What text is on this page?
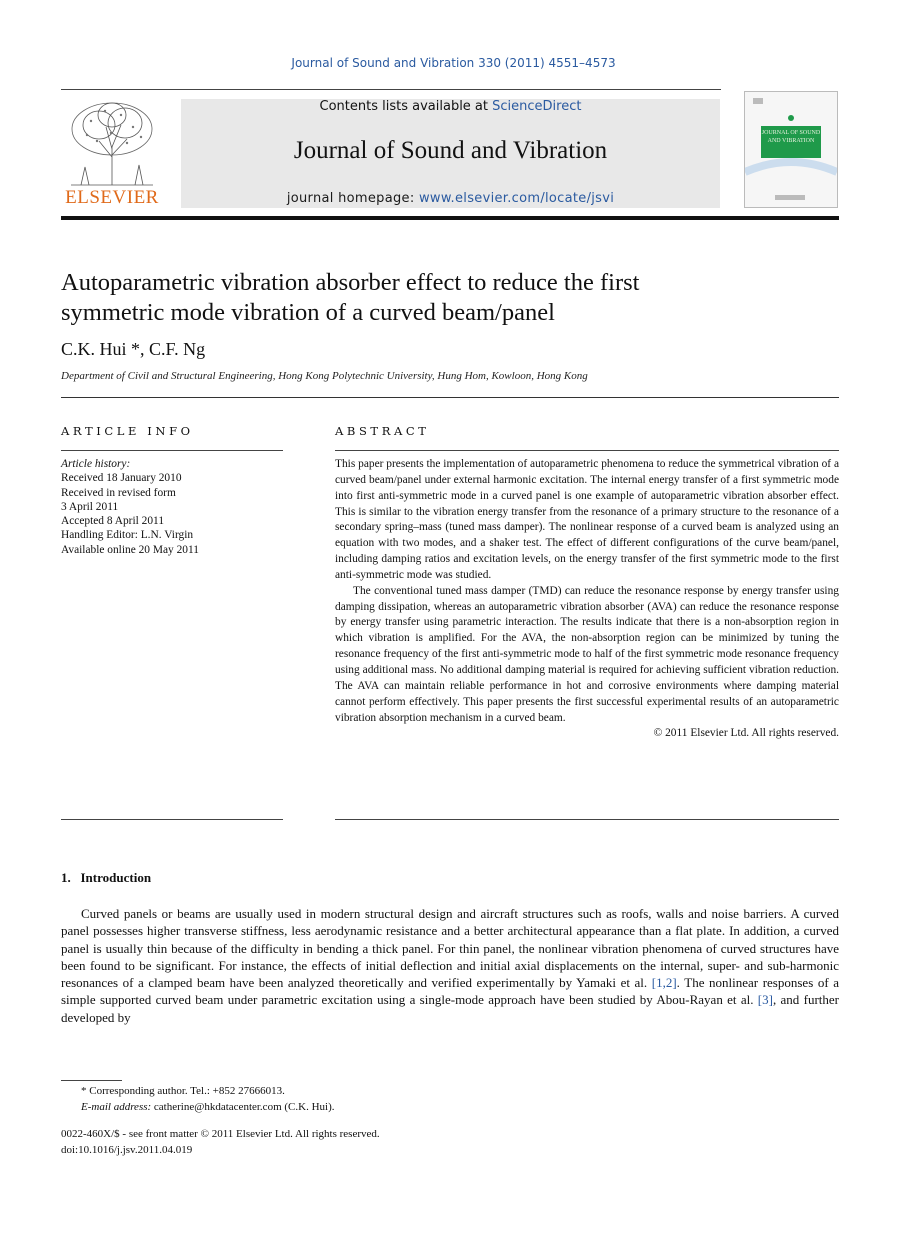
Journal of Sound and Vibration 330 (2011) 4551–4573
ELSEVIER
Contents lists available at ScienceDirect
Journal of Sound and Vibration
journal homepage: www.elsevier.com/locate/jsvi
JOURNAL OF SOUND AND VIBRATION
Autoparametric vibration absorber effect to reduce the first
symmetric mode vibration of a curved beam/panel
C.K. Hui *, C.F. Ng
Department of Civil and Structural Engineering, Hong Kong Polytechnic University, Hung Hom, Kowloon, Hong Kong
ARTICLE INFO	ABSTRACT
Article history:
Received 18 January 2010
Received in revised form
3 April 2011
Accepted 8 April 2011
Handling Editor: L.N. Virgin
Available online 20 May 2011

This paper presents the implementation of autoparametric phenomena to reduce the symmetrical vibration of a curved beam/panel under external harmonic excitation. The internal energy transfer of a first symmetric mode into first anti-symmetric mode in a curved panel is one example of autoparametric vibration absorber effect. This is similar to the vibration energy transfer from the resonance of a primary structure to the resonance of a secondary spring–mass (tuned mass damper). The nonlinear response of a curved beam is analyzed using an equation with two modes, and a shaker test. The effect of different configurations of the curve beam/panel, including damping ratios and excitation levels, on the energy transfer of the first symmetric mode to the first anti-symmetric mode was studied.

The conventional tuned mass damper (TMD) can reduce the resonance response by energy transfer using damping dissipation, whereas an autoparametric vibration absorber (AVA) can reduce the resonance response by energy transfer using parametric interaction. The results indicate that there is a non-absorption region in which vibration is amplified. For the AVA, the non-absorption region can be minimized by tuning the resonance frequency of the first anti-symmetric mode to half of the first symmetric mode resonance frequency using additional mass. No additional damping material is required for achieving sufficient vibration reduction. The AVA can maintain reliable performance in hot and corrosive environments where damping material cannot perform effectively. This paper presents the first successful experimental results of an autoparametric vibration absorption mechanism in a curved beam.

© 2011 Elsevier Ltd. All rights reserved.
1.   Introduction
Curved panels or beams are usually used in modern structural design and aircraft structures such as roofs, walls and noise barriers. A curved panel possesses higher transverse stiffness, less aerodynamic resistance and a better architectural appearance than a flat plate. In addition, a curved panel is usually thin because of the difficulty in bending a thick panel. For thin panel, the nonlinear vibration phenomena of curved structures have been found to be significant. For instance, the effects of initial deflection and initial axial displacements on the internal, super- and sub-harmonic resonances of a clamped beam have been analyzed theoretically and verified experimentally by Yamaki et al. [1,2]. The nonlinear responses of a simple supported curved beam under parametric excitation using a single-mode approach have been studied by Abou-Rayan et al. [3], and further developed by
* Corresponding author. Tel.: +852 27666013.
E-mail address: catherine@hkdatacenter.com (C.K. Hui).
0022-460X/$ - see front matter © 2011 Elsevier Ltd. All rights reserved.
doi:10.1016/j.jsv.2011.04.019
